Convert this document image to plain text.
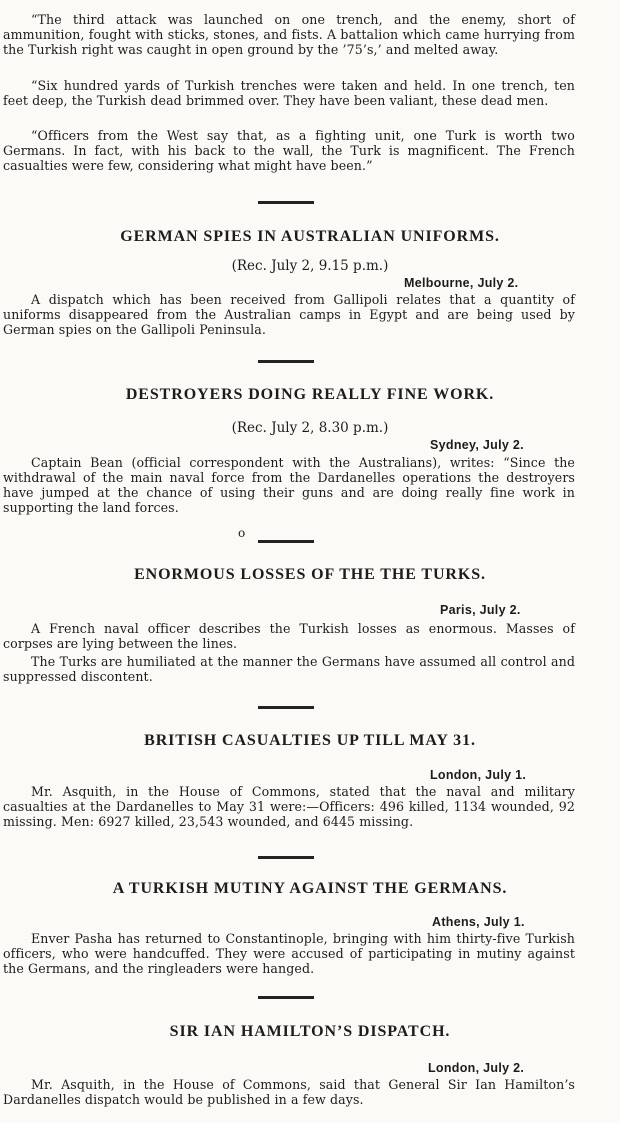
“The third attack was launched on one trench, and the enemy, short of ammunition, fought with sticks, stones, and fists. A battalion which came hurrying from the Turkish right was caught in open ground by the ’75’s,’ and melted away.

“Six hundred yards of Turkish trenches were taken and held. In one trench, ten feet deep, the Turkish dead brimmed over. They have been valiant, these dead men.

“Officers from the West say that, as a fighting unit, one Turk is worth two Germans. In fact, with his back to the wall, the Turk is magnificent. The French casualties were few, considering what might have been.”

GERMAN SPIES IN AUSTRALIAN UNIFORMS.
(Rec. July 2, 9.15 p.m.)
Melbourne, July 2.

A dispatch which has been received from Gallipoli relates that a quantity of uniforms disappeared from the Australian camps in Egypt and are being used by German spies on the Gallipoli Peninsula.

DESTROYERS DOING REALLY FINE WORK.
(Rec. July 2, 8.30 p.m.)
Sydney, July 2.

Captain Bean (official correspondent with the Australians), writes: “Since the withdrawal of the main naval force from the Dardanelles operations the destroyers have jumped at the chance of using their guns and are doing really fine work in supporting the land forces.

o
ENORMOUS LOSSES OF THE THE TURKS.
Paris, July 2.

A French naval officer describes the Turkish losses as enormous. Masses of corpses are lying between the lines.

The Turks are humiliated at the manner the Germans have assumed all control and suppressed discontent.

BRITISH CASUALTIES UP TILL MAY 31.
London, July 1.

Mr. Asquith, in the House of Commons, stated that the naval and military casualties at the Dardanelles to May 31 were:—Officers: 496 killed, 1134 wounded, 92 missing. Men: 6927 killed, 23,543 wounded, and 6445 missing.

A TURKISH MUTINY AGAINST THE GERMANS.
Athens, July 1.

Enver Pasha has returned to Constantinople, bringing with him thirty-five Turkish officers, who were handcuffed. They were accused of participating in mutiny against the Germans, and the ringleaders were hanged.

SIR IAN HAMILTON’S DISPATCH.
London, July 2.

Mr. Asquith, in the House of Commons, said that General Sir Ian Hamilton’s Dardanelles dispatch would be published in a few days.
